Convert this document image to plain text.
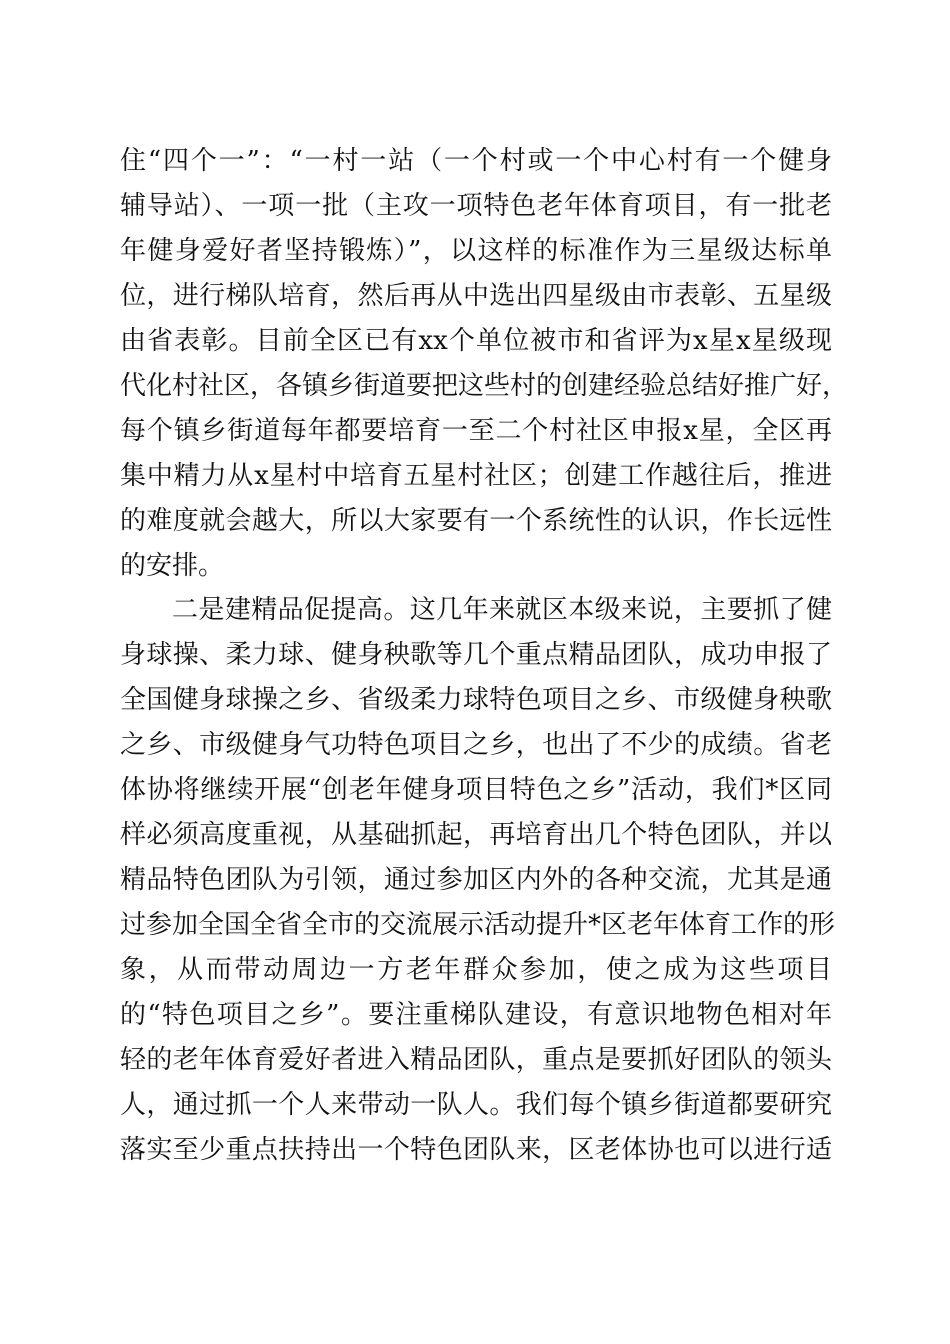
住“四个一”：“一村一站（一个村或一个中心村有一个健身
辅导站）、一项一批（主攻一项特色老年体育项目，有一批老
年健身爱好者坚持锻炼）”，以这样的标准作为三星级达标单
位，进行梯队培育，然后再从中选出四星级由市表彰、五星级
由省表彰。目前全区已有xx个单位被市和省评为x星x星级现
代化村社区，各镇乡街道要把这些村的创建经验总结好推广好，
每个镇乡街道每年都要培育一至二个村社区申报x星，全区再
集中精力从x星村中培育五星村社区；创建工作越往后，推进
的难度就会越大，所以大家要有一个系统性的认识，作长远性
的安排。
二是建精品促提高。这几年来就区本级来说，主要抓了健
身球操、柔力球、健身秧歌等几个重点精品团队，成功申报了
全国健身球操之乡、省级柔力球特色项目之乡、市级健身秧歌
之乡、市级健身气功特色项目之乡，也出了不少的成绩。省老
体协将继续开展“创老年健身项目特色之乡”活动，我们*区同
样必须高度重视，从基础抓起，再培育出几个特色团队，并以
精品特色团队为引领，通过参加区内外的各种交流，尤其是通
过参加全国全省全市的交流展示活动提升*区老年体育工作的形
象，从而带动周边一方老年群众参加，使之成为这些项目
的“特色项目之乡”。要注重梯队建设，有意识地物色相对年
轻的老年体育爱好者进入精品团队，重点是要抓好团队的领头
人，通过抓一个人来带动一队人。我们每个镇乡街道都要研究
落实至少重点扶持出一个特色团队来，区老体协也可以进行适
